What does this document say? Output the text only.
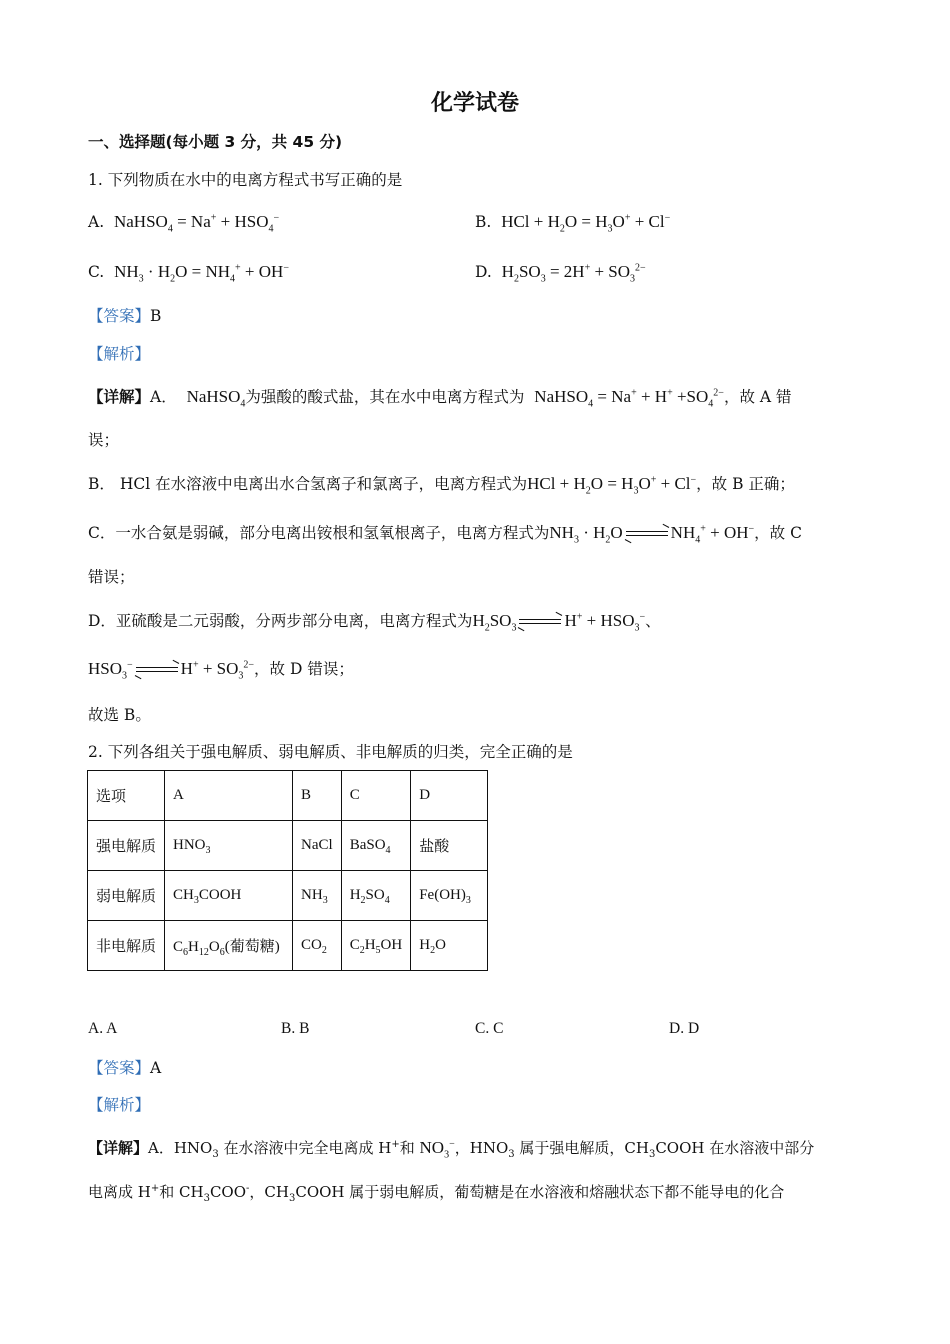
化学试卷
一、选择题(每小题 3 分，共 45 分)
1. 下列物质在水中的电离方程式书写正确的是
A. NaHSO$_4$ = $Na^+ + HSO_4^-$	B. HCl + $H_2O = H_3O^+ + Cl^-$
C. $NH_3 \cdot H_2O = NH_4^+ + OH^-$	D. $H_2SO_3 = 2H^+ + SO_3^{2-}$
【答案】B
【解析】
【详解】A． NaHSO$_4$为强酸的酸式盐，其在水中电离方程式为 NaHSO$_4$ = $Na^+ + H^+ +SO_4^{2-}$，故 A 错
误；
B． HCl 在水溶液中电离出水合氢离子和氯离子，电离方程式为HCl + $H_2O = H_3O^+ + Cl^-$，故 B 正确；
C．一水合氨是弱碱，部分电离出铵根和氢氧根离子，电离方程式为$NH_3 \cdot H_2O$	$NH_4^+ + OH^-$，故 C
错误；
D．亚硫酸是二元弱酸，分两步部分电离，电离方程式为$H_2SO_3$	$H^+ + HSO_3^-$、
$HSO_3^-$	$H^+ + SO_3^{2-}$，故 D 错误；
故选 B。
2. 下列各组关于强电解质、弱电解质、非电解质的归类，完全正确的是
选项	A	B	C	D
强电解质	$HNO_3$	NaCl	BaSO$_4$	盐酸
弱电解质	$CH_3COOH$	$NH_3$	$H_2SO_4$	$Fe(OH)_3$
非电解质	$C_6H_{12}O_6$(葡萄糖)	$CO_2$	$C_2H_5OH$	$H_2O$
A. A	B. B	C. C	D. D
【答案】A
【解析】
【详解】A．$HNO_3$ 在水溶液中完全电离成 H+和 $NO_3^-$，$HNO_3$ 属于强电解质，$CH_3COOH$ 在水溶液中部分
电离成 H+和 $CH_3COO^-$，$CH_3COOH$ 属于弱电解质，葡萄糖是在水溶液和熔融状态下都不能导电的化合
